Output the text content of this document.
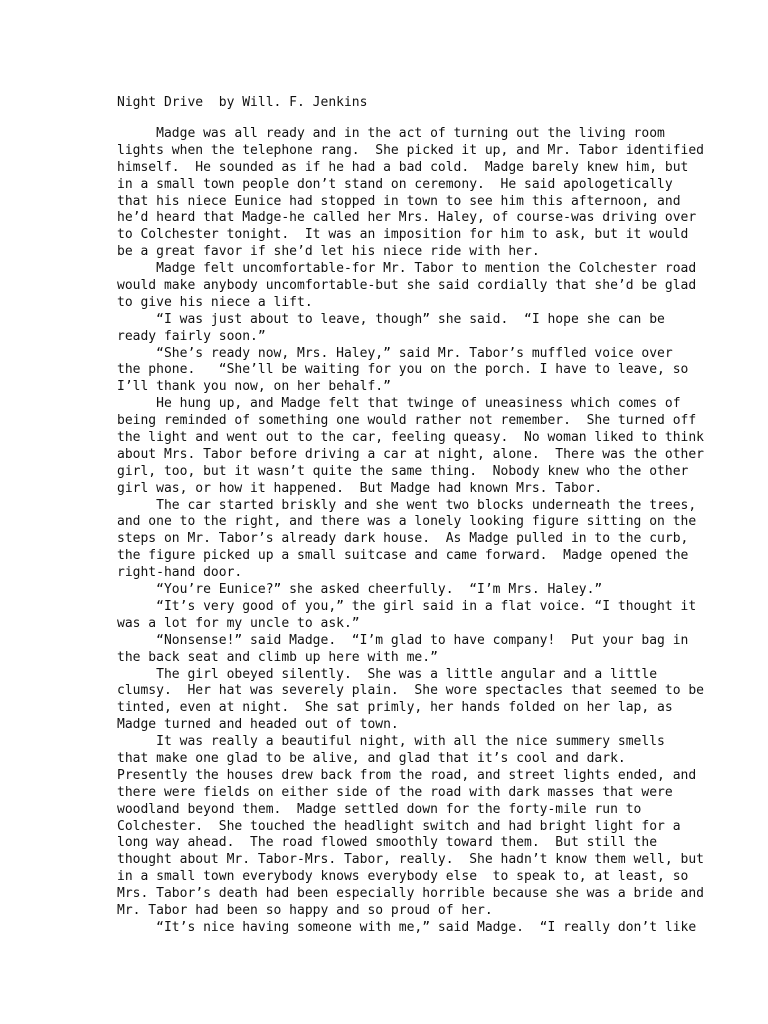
Night Drive  by Will. F. Jenkins
Madge was all ready and in the act of turning out the living room
lights when the telephone rang.  She picked it up, and Mr. Tabor identified
himself.  He sounded as if he had a bad cold.  Madge barely knew him, but
in a small town people don’t stand on ceremony.  He said apologetically
that his niece Eunice had stopped in town to see him this afternoon, and
he’d heard that Madge-he called her Mrs. Haley, of course-was driving over
to Colchester tonight.  It was an imposition for him to ask, but it would
be a great favor if she’d let his niece ride with her.
Madge felt uncomfortable-for Mr. Tabor to mention the Colchester road
would make anybody uncomfortable-but she said cordially that she’d be glad
to give his niece a lift.
“I was just about to leave, though” she said.  “I hope she can be
ready fairly soon.”
“She’s ready now, Mrs. Haley,” said Mr. Tabor’s muffled voice over
the phone.   “She’ll be waiting for you on the porch. I have to leave, so
I’ll thank you now, on her behalf.”
He hung up, and Madge felt that twinge of uneasiness which comes of
being reminded of something one would rather not remember.  She turned off
the light and went out to the car, feeling queasy.  No woman liked to think
about Mrs. Tabor before driving a car at night, alone.  There was the other
girl, too, but it wasn’t quite the same thing.  Nobody knew who the other
girl was, or how it happened.  But Madge had known Mrs. Tabor.
The car started briskly and she went two blocks underneath the trees,
and one to the right, and there was a lonely looking figure sitting on the
steps on Mr. Tabor’s already dark house.  As Madge pulled in to the curb,
the figure picked up a small suitcase and came forward.  Madge opened the
right-hand door.
“You’re Eunice?” she asked cheerfully.  “I’m Mrs. Haley.”
“It’s very good of you,” the girl said in a flat voice. “I thought it
was a lot for my uncle to ask.”
“Nonsense!” said Madge.  “I’m glad to have company!  Put your bag in
the back seat and climb up here with me.”
The girl obeyed silently.  She was a little angular and a little
clumsy.  Her hat was severely plain.  She wore spectacles that seemed to be
tinted, even at night.  She sat primly, her hands folded on her lap, as
Madge turned and headed out of town.
It was really a beautiful night, with all the nice summery smells
that make one glad to be alive, and glad that it’s cool and dark.
Presently the houses drew back from the road, and street lights ended, and
there were fields on either side of the road with dark masses that were
woodland beyond them.  Madge settled down for the forty-mile run to
Colchester.  She touched the headlight switch and had bright light for a
long way ahead.  The road flowed smoothly toward them.  But still the
thought about Mr. Tabor-Mrs. Tabor, really.  She hadn’t know them well, but
in a small town everybody knows everybody else  to speak to, at least, so
Mrs. Tabor’s death had been especially horrible because she was a bride and
Mr. Tabor had been so happy and so proud of her.
“It’s nice having someone with me,” said Madge.  “I really don’t like
